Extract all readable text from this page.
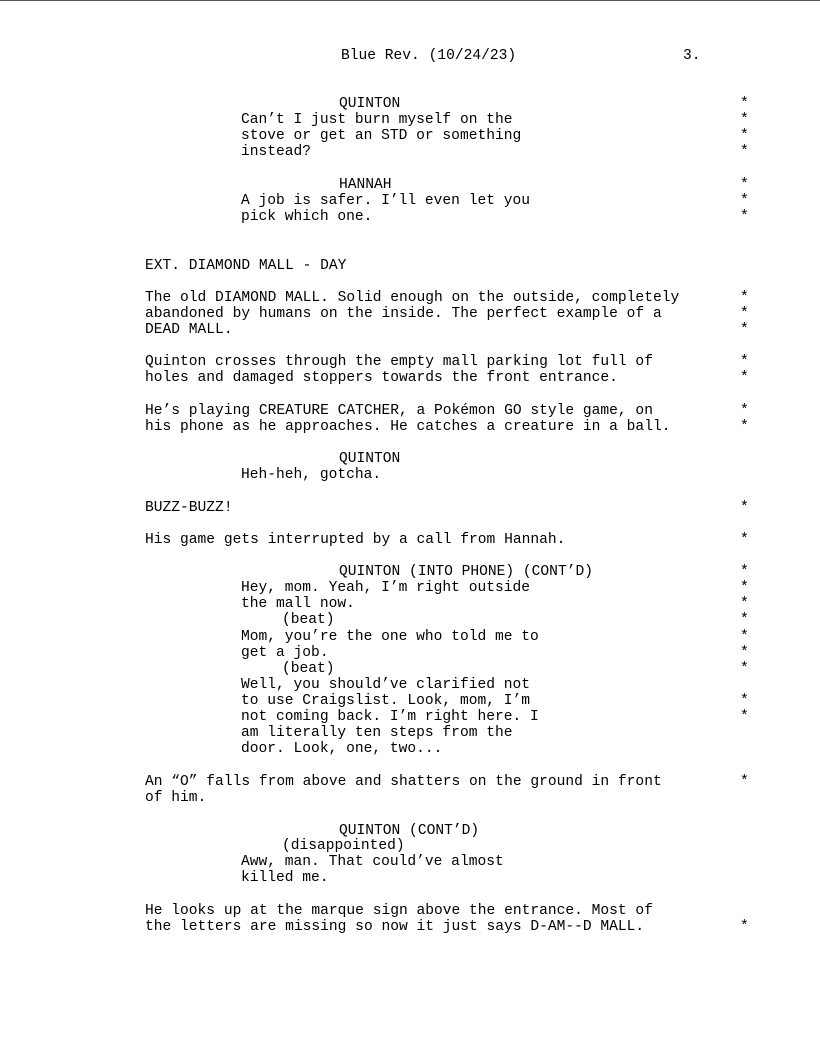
Blue Rev. (10/24/23)	3.
QUINTON
Can’t I just burn myself on the
stove or get an STD or something
instead?
HANNAH
A job is safer. I’ll even let you
pick which one.
EXT. DIAMOND MALL - DAY
The old DIAMOND MALL. Solid enough on the outside, completely
abandoned by humans on the inside. The perfect example of a
DEAD MALL.
Quinton crosses through the empty mall parking lot full of
holes and damaged stoppers towards the front entrance.
He’s playing CREATURE CATCHER, a Pokémon GO style game, on
his phone as he approaches. He catches a creature in a ball.
QUINTON
Heh-heh, gotcha.
BUZZ-BUZZ!
His game gets interrupted by a call from Hannah.
QUINTON (INTO PHONE) (CONT’D)
Hey, mom. Yeah, I’m right outside
the mall now.
(beat)
Mom, you’re the one who told me to
get a job.
(beat)
Well, you should’ve clarified not
to use Craigslist. Look, mom, I’m
not coming back. I’m right here. I
am literally ten steps from the
door. Look, one, two...
An “O” falls from above and shatters on the ground in front
of him.
QUINTON (CONT’D)
(disappointed)
Aww, man. That could’ve almost
killed me.
He looks up at the marque sign above the entrance. Most of
the letters are missing so now it just says D-AM--D MALL.
*
*
*
*
*
*
*
*
*
*
*
*
*
*
*
*
*
*
*
*
*
*
*
*
*
*
*
